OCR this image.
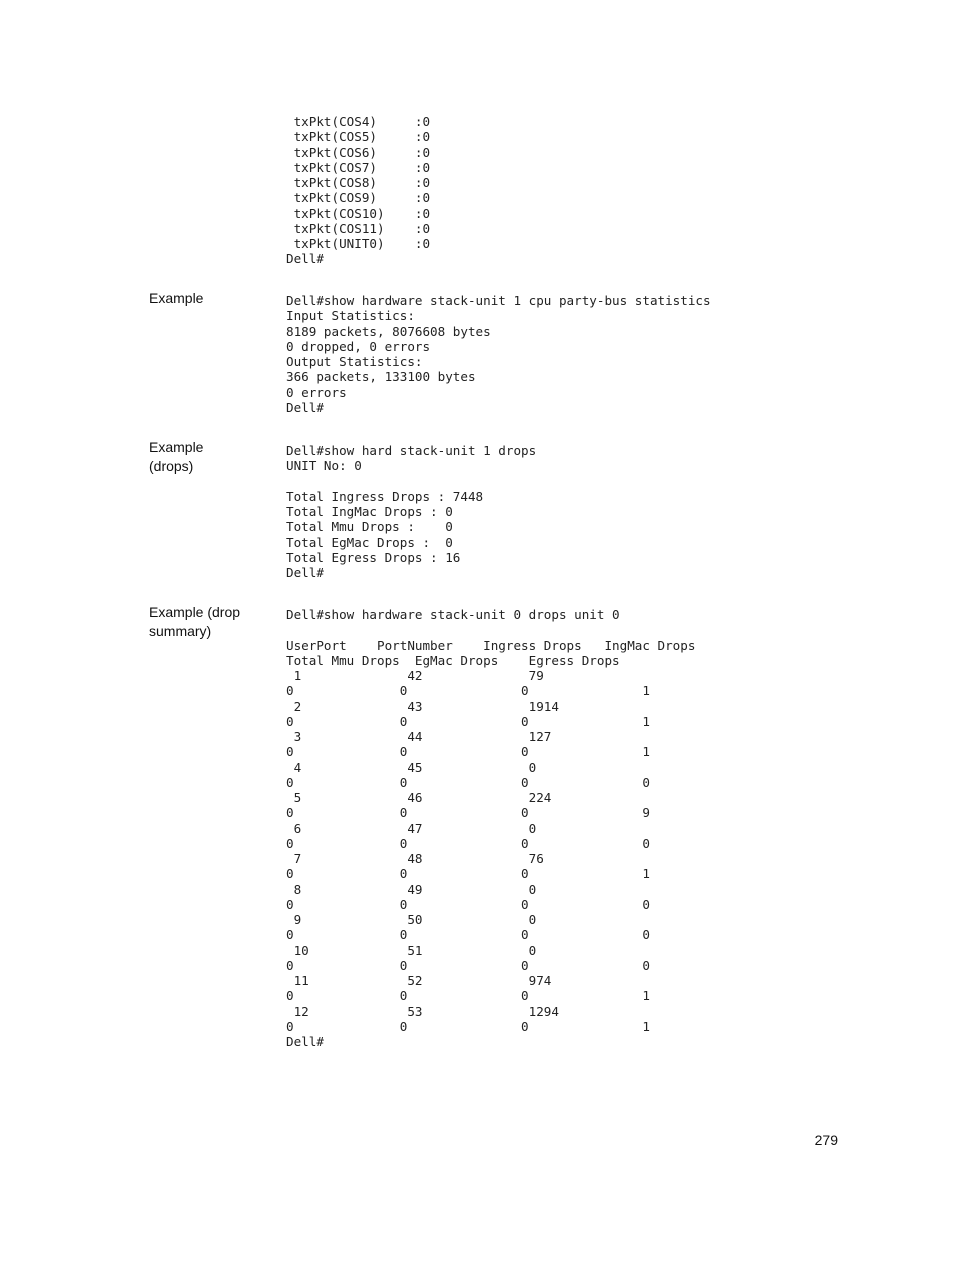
txPkt(COS4)     :0
txPkt(COS5)     :0
txPkt(COS6)     :0
txPkt(COS7)     :0
txPkt(COS8)     :0
txPkt(COS9)     :0
txPkt(COS10)    :0
txPkt(COS11)    :0
txPkt(UNIT0)    :0
Dell#
Example	Dell#show hardware stack-unit 1 cpu party-bus statistics
Input Statistics:
8189 packets, 8076608 bytes
0 dropped, 0 errors
Output Statistics:
366 packets, 133100 bytes
0 errors
Dell#
Example
(drops)
Dell#show hard stack-unit 1 drops
UNIT No: 0

Total Ingress Drops : 7448
Total IngMac Drops : 0
Total Mmu Drops :    0
Total EgMac Drops :  0
Total Egress Drops : 16
Dell#
Example (drop
summary)
Dell#show hardware stack-unit 0 drops unit 0

UserPort    PortNumber    Ingress Drops   IngMac Drops
Total Mmu Drops  EgMac Drops    Egress Drops
1              42              79
0              0               0               1
2              43              1914
0              0               0               1
3              44              127
0              0               0               1
4              45              0
0              0               0               0
5              46              224
0              0               0               9
6              47              0
0              0               0               0
7              48              76
0              0               0               1
8              49              0
0              0               0               0
9              50              0
0              0               0               0
10             51              0
0              0               0               0
11             52              974
0              0               0               1
12             53              1294
0              0               0               1
Dell#
279
